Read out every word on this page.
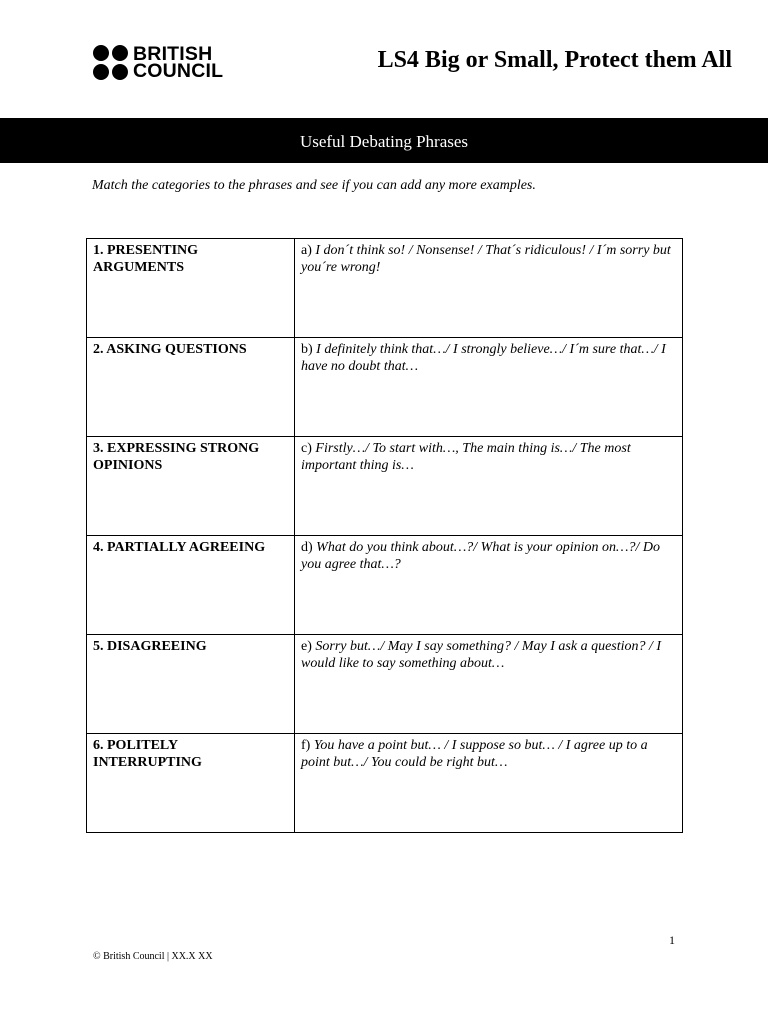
BRITISH
COUNCIL	LS4 Big or Small, Protect them All
Useful Debating Phrases
Match the categories to the phrases and see if you can add any more examples.
1. PRESENTING ARGUMENTS	a) I don´t think so! / Nonsense! / That´s ridiculous! / I´m sorry but you´re wrong!
2. ASKING QUESTIONS	b) I definitely think that…/ I strongly believe…/ I´m sure that…/ I have no doubt that…
3. EXPRESSING STRONG OPINIONS	c) Firstly…/ To start with…, The main thing is…/ The most important thing is…
4. PARTIALLY AGREEING	d) What do you think about…?/ What is your opinion on…?/ Do you agree that…?
5. DISAGREEING	e) Sorry but…/ May I say something? / May I ask a question? / I would like to say something about…
6. POLITELY INTERRUPTING	f) You have a point but… / I suppose so but… / I agree up to a point but…/ You could be right but…
1
© British Council | XX.X XX
